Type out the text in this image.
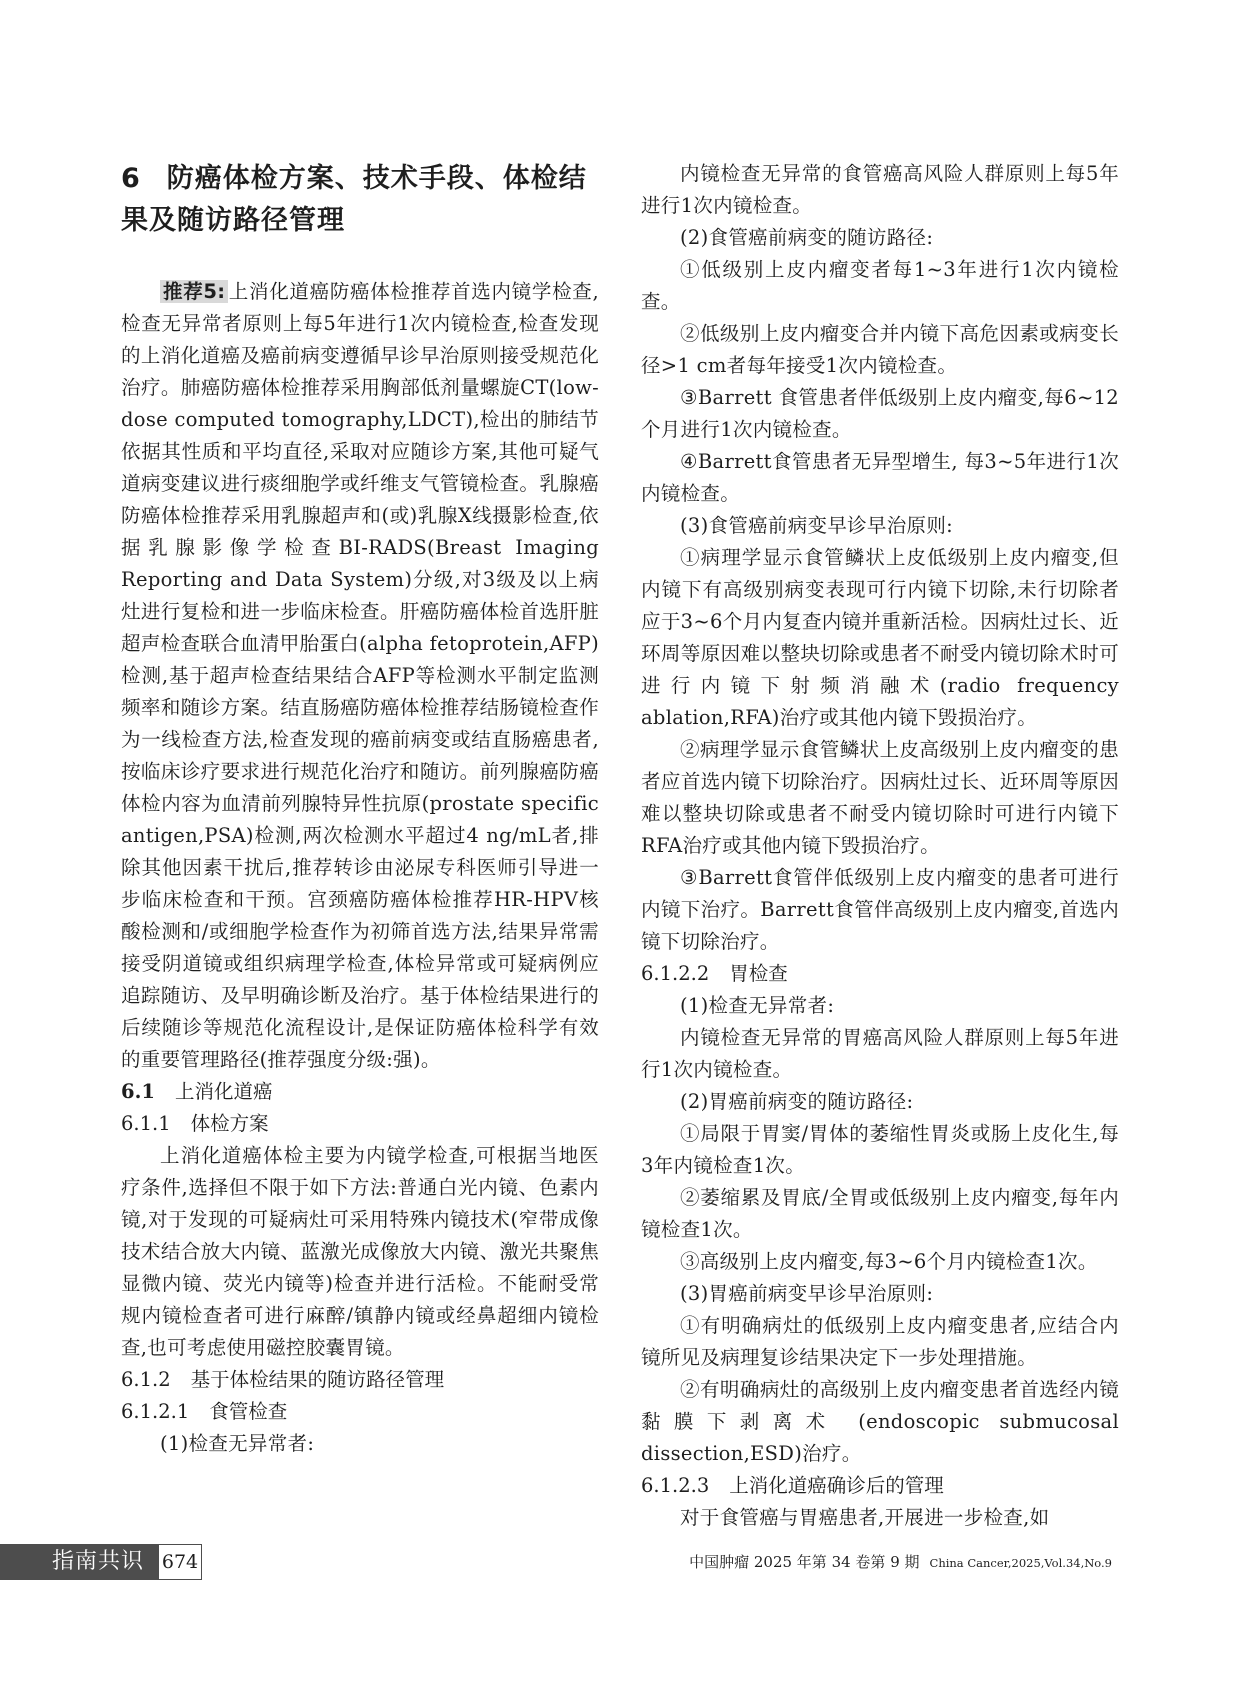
6 防癌体检方案、技术手段、体检结果及随访路径管理

推荐5: 上消化道癌防癌体检推荐首选内镜学检查,检查无异常者原则上每5年进行1次内镜检查,检查发现的上消化道癌及癌前病变遵循早诊早治原则接受规范化治疗。肺癌防癌体检推荐采用胸部低剂量螺旋CT(low-dose computed tomography,LDCT),检出的肺结节依据其性质和平均直径,采取对应随诊方案,其他可疑气道病变建议进行痰细胞学或纤维支气管镜检查。乳腺癌防癌体检推荐采用乳腺超声和(或)乳腺X线摄影检查,依据乳腺影像学检查BI-RADS(Breast Imaging Reporting and Data System)分级,对3级及以上病灶进行复检和进一步临床检查。肝癌防癌体检首选肝脏超声检查联合血清甲胎蛋白(alpha fetoprotein,AFP)检测,基于超声检查结果结合AFP等检测水平制定监测频率和随诊方案。结直肠癌防癌体检推荐结肠镜检查作为一线检查方法,检查发现的癌前病变或结直肠癌患者,按临床诊疗要求进行规范化治疗和随访。前列腺癌防癌体检内容为血清前列腺特异性抗原(prostate specific antigen,PSA)检测,两次检测水平超过4 ng/mL者,排除其他因素干扰后,推荐转诊由泌尿专科医师引导进一步临床检查和干预。宫颈癌防癌体检推荐HR-HPV核酸检测和/或细胞学检查作为初筛首选方法,结果异常需接受阴道镜或组织病理学检查,体检异常或可疑病例应追踪随访、及早明确诊断及治疗。基于体检结果进行的后续随诊等规范化流程设计,是保证防癌体检科学有效的重要管理路径(推荐强度分级:强)。

6.1 上消化道癌
6.1.1 体检方案

上消化道癌体检主要为内镜学检查,可根据当地医疗条件,选择但不限于如下方法:普通白光内镜、色素内镜,对于发现的可疑病灶可采用特殊内镜技术(窄带成像技术结合放大内镜、蓝激光成像放大内镜、激光共聚焦显微内镜、荧光内镜等)检查并进行活检。不能耐受常规内镜检查者可进行麻醉/镇静内镜或经鼻超细内镜检查,也可考虑使用磁控胶囊胃镜。

6.1.2 基于体检结果的随访路径管理
6.1.2.1 食管检查

(1)检查无异常者:

内镜检查无异常的食管癌高风险人群原则上每5年进行1次内镜检查。

(2)食管癌前病变的随访路径:

①低级别上皮内瘤变者每1~3年进行1次内镜检查。

②低级别上皮内瘤变合并内镜下高危因素或病变长径>1 cm者每年接受1次内镜检查。

③Barrett 食管患者伴低级别上皮内瘤变,每6~12个月进行1次内镜检查。

④Barrett食管患者无异型增生, 每3~5年进行1次内镜检查。

(3)食管癌前病变早诊早治原则:

①病理学显示食管鳞状上皮低级别上皮内瘤变,但内镜下有高级别病变表现可行内镜下切除,未行切除者应于3~6个月内复查内镜并重新活检。因病灶过长、近环周等原因难以整块切除或患者不耐受内镜切除术时可进行内镜下射频消融术(radio frequency ablation,RFA)治疗或其他内镜下毁损治疗。

②病理学显示食管鳞状上皮高级别上皮内瘤变的患者应首选内镜下切除治疗。因病灶过长、近环周等原因难以整块切除或患者不耐受内镜切除时可进行内镜下RFA治疗或其他内镜下毁损治疗。

③Barrett食管伴低级别上皮内瘤变的患者可进行内镜下治疗。Barrett食管伴高级别上皮内瘤变,首选内镜下切除治疗。

6.1.2.2 胃检查

(1)检查无异常者:

内镜检查无异常的胃癌高风险人群原则上每5年进行1次内镜检查。

(2)胃癌前病变的随访路径:

①局限于胃窦/胃体的萎缩性胃炎或肠上皮化生,每3年内镜检查1次。

②萎缩累及胃底/全胃或低级别上皮内瘤变,每年内镜检查1次。

③高级别上皮内瘤变,每3~6个月内镜检查1次。

(3)胃癌前病变早诊早治原则:

①有明确病灶的低级别上皮内瘤变患者,应结合内镜所见及病理复诊结果决定下一步处理措施。

②有明确病灶的高级别上皮内瘤变患者首选经内镜黏膜下剥离术 (endoscopic submucosal dissection,ESD)治疗。

6.1.2.3 上消化道癌确诊后的管理

对于食管癌与胃癌患者,开展进一步检查,如

指南共识 674	中国肿瘤 2025 年第 34 卷第 9 期 China Cancer,2025,Vol.34,No.9
